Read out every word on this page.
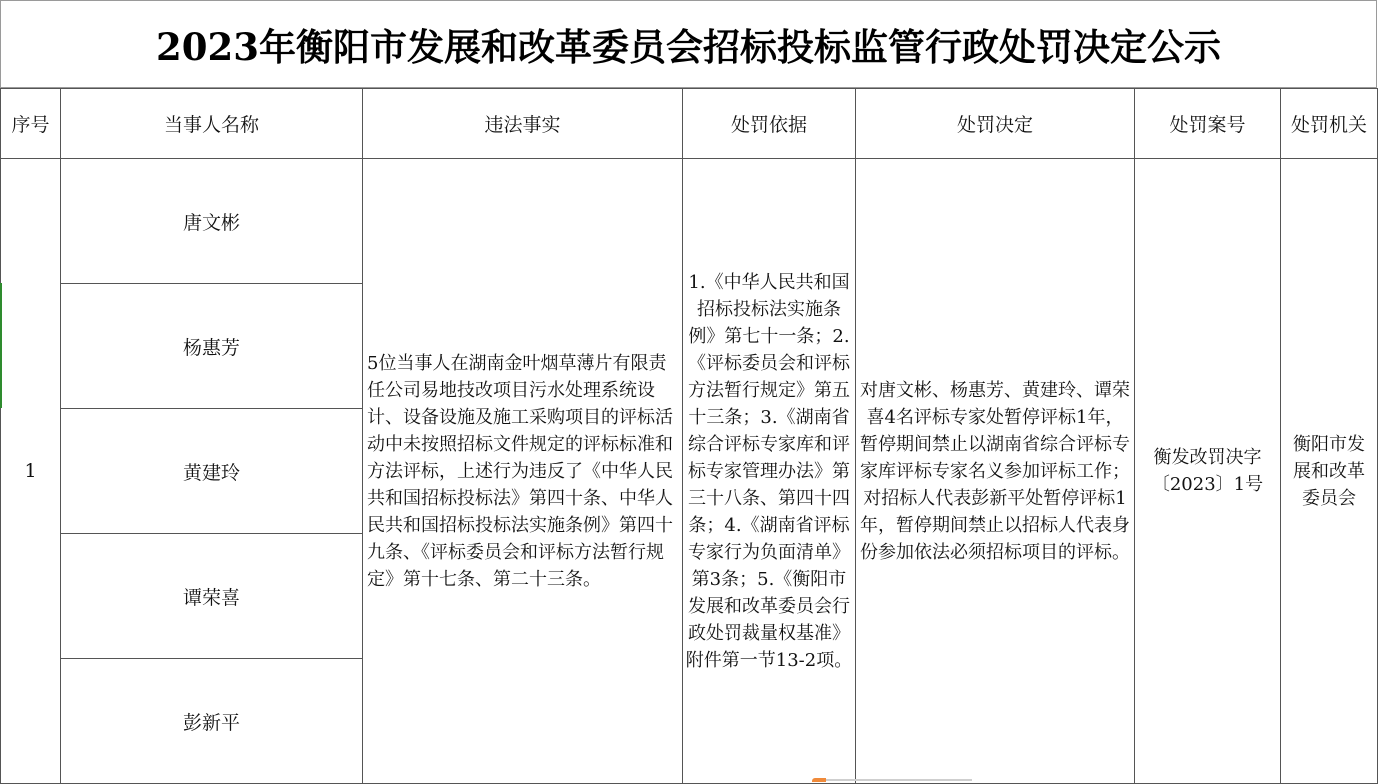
2023年衡阳市发展和改革委员会招标投标监管行政处罚决定公示
序号	当事人名称	违法事实	处罚依据	处罚决定	处罚案号	处罚机关
1	唐文彬	5位当事人在湖南金叶烟草薄片有限责任公司易地技改项目污水处理系统设计、设备设施及施工采购项目的评标活动中未按照招标文件规定的评标标准和方法评标，上述行为违反了《中华人民共和国招标投标法》第四十条、中华人民共和国招标投标法实施条例》第四十九条、《评标委员会和评标方法暂行规定》第十七条、第二十三条。	1.《中华人民共和国招标投标法实施条例》第七十一条；2.《评标委员会和评标方法暂行规定》第五十三条；3.《湖南省综合评标专家库和评标专家管理办法》第三十八条、第四十四条；4.《湖南省评标专家行为负面清单》第3条；5.《衡阳市发展和改革委员会行政处罚裁量权基准》附件第一节13-2项。	对唐文彬、杨惠芳、黄建玲、谭荣喜4名评标专家处暂停评标1年，暂停期间禁止以湖南省综合评标专家库评标专家名义参加评标工作；对招标人代表彭新平处暂停评标1年，暂停期间禁止以招标人代表身份参加依法必须招标项目的评标。	衡发改罚决字〔2023〕1号	衡阳市发展和改革委员会
	杨惠芳					
	黄建玲					
	谭荣喜					
	彭新平					
